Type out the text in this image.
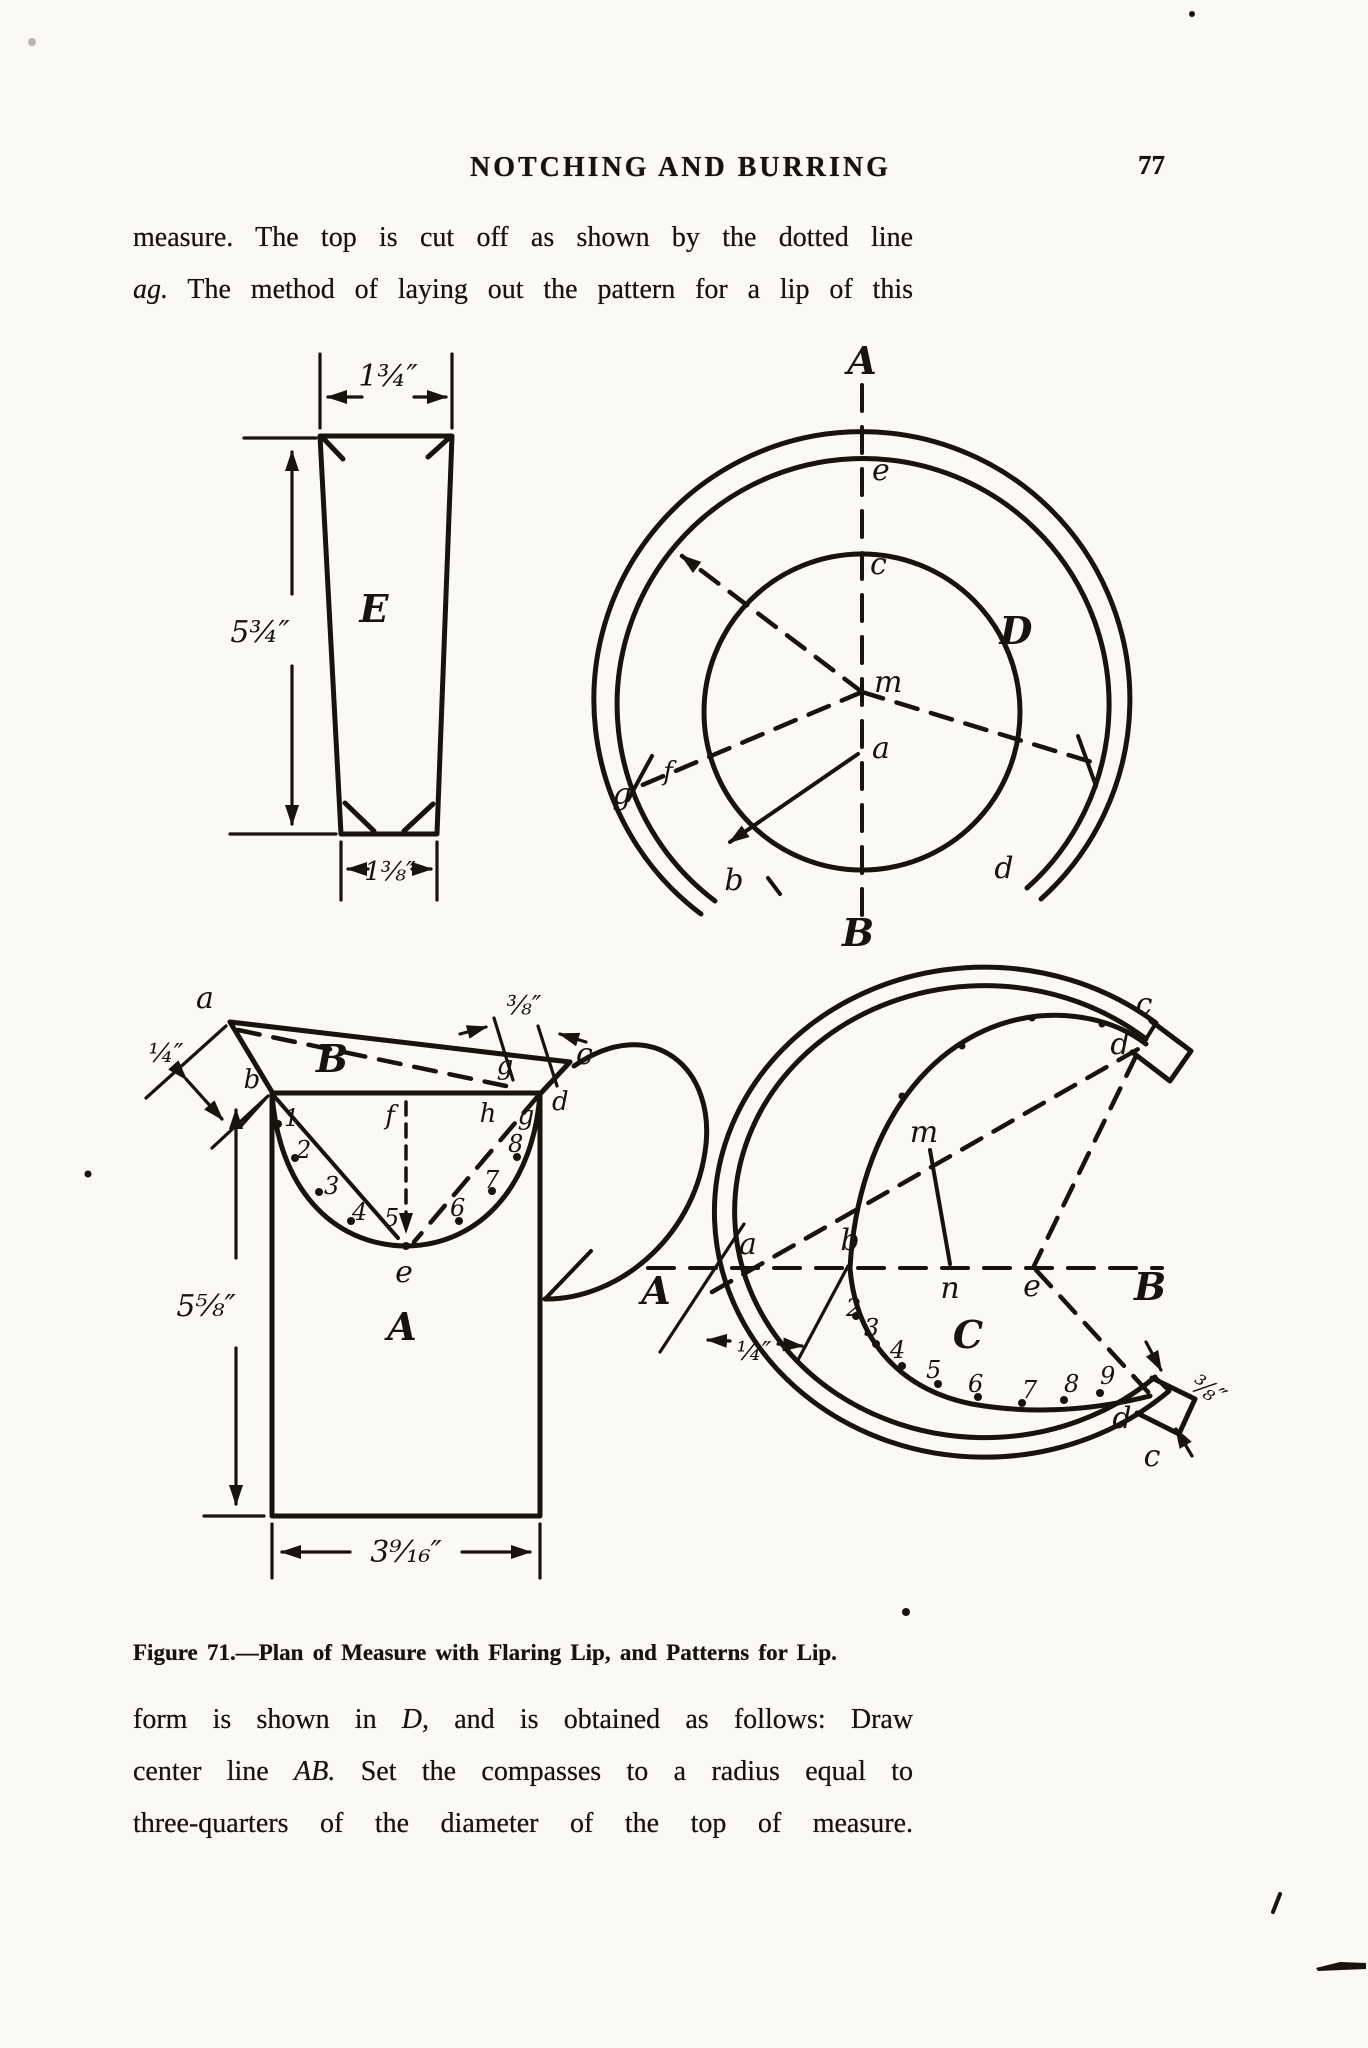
1¾″
5¾″
1⅜″
E
A
e
c
m
a
D
f
g
b
B
d
¼″
⅜″
5⅝″
3⁹⁄₁₆″
a
B
b
f
g
h g d
c
e
A
1
2
3
4 5 6
7
8
¼″
⅜″
A	B
a	b
m
n e
C
c
d
d
c
2
3
4
5 6 7 8 9
NOTCHING AND BURRING	77
measure. The top is cut off as shown by the dotted line
ag. The method of laying out the pattern for a lip of this
Figure 71.—Plan of Measure with Flaring Lip, and Patterns for Lip.
form is shown in D, and is obtained as follows: Draw
center line AB. Set the compasses to a radius equal to
three-quarters of the diameter of the top of measure.
